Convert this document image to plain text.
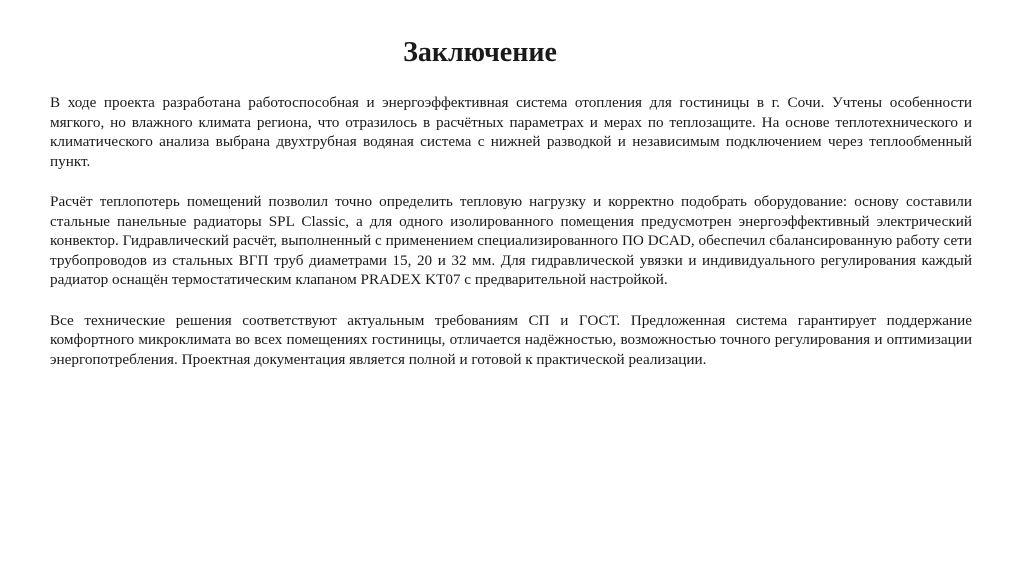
Заключение

В ходе проекта разработана работоспособная и энергоэффективная система отопления для гостиницы в г. Сочи. Учтены особенности мягкого, но влажного климата региона, что отразилось в расчётных параметрах и мерах по теплозащите. На основе теплотехнического и климатического анализа выбрана двухтрубная водяная система с нижней разводкой и независимым подключением через теплообменный пункт.

Расчёт теплопотерь помещений позволил точно определить тепловую нагрузку и корректно подобрать оборудование: основу составили стальные панельные радиаторы SPL Classic, а для одного изолированного помещения предусмотрен энергоэффективный электрический конвектор. Гидравлический расчёт, выполненный с применением специализированного ПО DCAD, обеспечил сбалансированную работу сети трубопроводов из стальных ВГП труб диаметрами 15, 20 и 32 мм. Для гидравлической увязки и индивидуального регулирования каждый радиатор оснащён термостатическим клапаном PRADEX KT07 с предварительной настройкой.

Все технические решения соответствуют актуальным требованиям СП и ГОСТ. Предложенная система гарантирует поддержание комфортного микроклимата во всех помещениях гостиницы, отличается надёжностью, возможностью точного регулирования и оптимизации энергопотребления. Проектная документация является полной и готовой к практической реализации.
